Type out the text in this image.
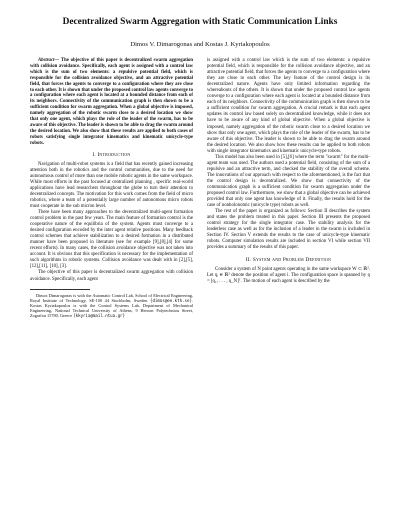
Decentralized Swarm Aggregation with Static Communication Links
Dimos V. Dimarogonas and Kostas J. Kyriakopoulos

Abstract— The objective of this paper is decentralized swarm aggregation with collision avoidance. Specifically, each agent is assigned with a control law which is the sum of two elements: a repulsive potential field, which is responsible for the collision avoidance objective, and an attractive potential field, that forces the agents to converge to a configuration where they are close to each other. It is shown that under the proposed control law agents converge to a configuration where each agent is located at a bounded distance from each of its neighbors. Connectivity of the communication graph is then shown to be a sufficient condition for swarm aggregation. When a global objective is imposed, namely aggregation of the robotic swarm close to a desired location we show that only one agent, which plays the role of the leader of the swarm, has to be aware of this objective. The leader is shown to be able to drag the swarm around the desired location. We also show that these results are applied to both cases of robots satisfying single integrator kinematics and kinematic unicycle-type robots.

I. Introduction

Navigation of multi-robot systems is a field that has recently gained increasing attention both in the robotics and the control communities, due to the need for autonomous control of more than one mobile robotic agents in the same workspace. While most efforts in the past focused at centralized planning , specific real-world applications have lead researchers throughout the globe to turn their attention to decentralized concepts. The motivation for this work comes from the field of micro robotics, where a team of a potentially large number of autonomous micro robots must cooperate in the sub micron level.

There have been many approaches to the decentralized multi-agent formation control problem in the past few years. The main feature of formation control is the cooperative nature of the equilibria of the system. Agents must converge to a desired configuration encoded by the inter agent relative positions. Many feedback control schemes that achieve stabilization to a desired formation in a distributed manner have been proposed in literature (see for example [9],[8],[4] for some recent efforts). In many cases, the collision avoidance objective was not taken into account. It is obvious that this specification is necessary for the implementation of such algorithms in robotic systems. Collision avoidance was dealt with in [2],[5],[12],[11], [10], [3].

The objective of this paper is decentralized swarm aggregation with collision avoidance. Specifically, each agent

Dimos Dimarogonas is with the Automatic Control Lab, School of Electrical Engineering, Royal Institute of Technology, SE-100 44 Stockholm, Sweden {dimos@ee.kth.se}. Kostas Kyriakopoulos is with the Control Systems Lab, Department of Mechanical Engineering, National Technical University of Athens, 9 Heroon Polytechniou Street, Zografou 15780, Greece {kkyria@mail.ntua.gr}

is assigned with a control law which is the sum of two elements: a repulsive potential field, which is responsible for the collision avoidance objective, and an attractive potential field, that forces the agents to converge to a configuration where they are close to each other. The key feature of the control design is its decentralized nature. Agents have only limited information regarding the whereabouts of the others. It is shown that under the proposed control law agents converge to a configuration where each agent is located at a bounded distance from each of its neighbors. Connectivity of the communication graph is then shown to be a sufficient condition for swarm aggregation. A crucial remark is that each agent updates its control law based solely on decentralized knowledge, while it does not have to be aware of any kind of global objective. When a global objective is imposed, namely aggregation of the robotic swarm close to a desired location we show that only one agent, which plays the role of the leader of the swarm, has to be aware of this objective. The leader is shown to be able to drag the swarm around the desired location. We also show how these results can be applied to both robots with single integrator kinematics and kinematic unicycle-type robots.

This model has also been used in [5],[6] where the term "swarm" for the multi-agent team was used. The authors used a potential field, consisting of the sum of a repulsive and an attractive term, and checked the stability of the overall scheme. The innovations of our approach with respect to the aforementioned, is the fact that the control design is decentralized. We show that connectivity of the communication graph is a sufficient condition for swarm aggregation under the proposed control law. Furthermore, we show that a global objective can be achieved provided that only one agent has knowledge of it. Finally, the results hold for the case of nonholonomic (unicycle type) robots as well.

The rest of the paper is organized as follows: Section II describes the system and states the problem treated in this paper. Section III presents the proposed control strategy for the single integrator case. The stability analysis for the leaderless case as well as for the inclusion of a leader in the swarm is included in Section IV. Section V extends the results to the case of unicycle-type kinematic robots. Computer simulation results are included in section VI while section VII provides a summary of the results of this paper.

II. System and Problem Definition

Consider a system of N point agents operating in the same workspace W ⊂ ℝ². Let qᵢ ∈ ℝ² denote the position of agent i. The configuration space is spanned by q = [q₁, . . . , q_N]ᵀ. The motion of each agent is described by the
